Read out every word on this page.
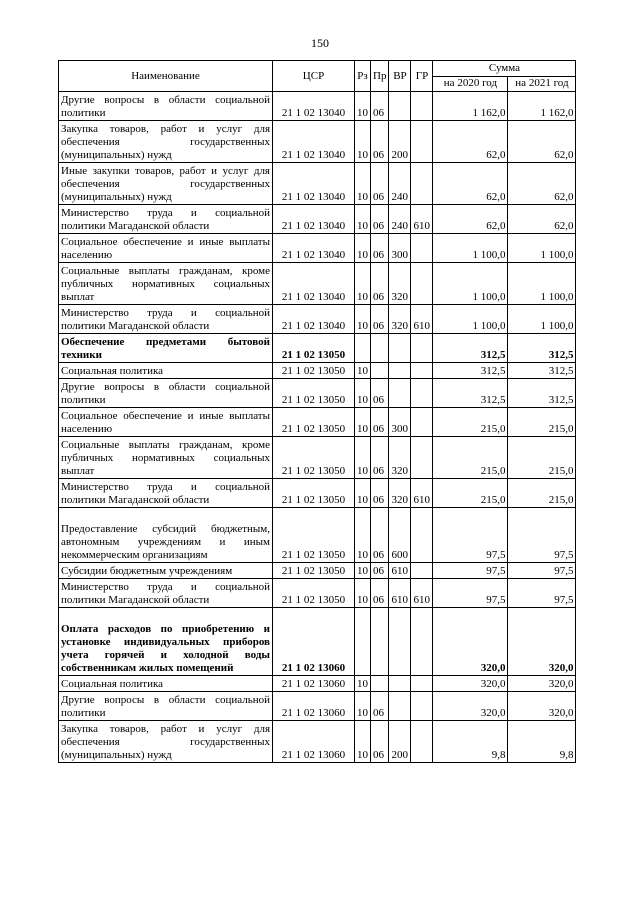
150
Наименование	ЦСР	Рз	Пр	ВР	ГР	Сумма	
						на 2020 год	на 2021 год
Другие вопросы в области социальной политики	21 1 02 13040	10	06			1 162,0	1 162,0
Закупка товаров, работ и услуг для обеспечения государственных (муниципальных) нужд	21 1 02 13040	10	06	200		62,0	62,0
Иные закупки товаров, работ и услуг для обеспечения государственных (муниципальных) нужд	21 1 02 13040	10	06	240		62,0	62,0
Министерство труда и социальной политики Магаданской области	21 1 02 13040	10	06	240	610	62,0	62,0
Социальное обеспечение и иные выплаты населению	21 1 02 13040	10	06	300		1 100,0	1 100,0
Социальные выплаты гражданам, кроме публичных нормативных социальных выплат	21 1 02 13040	10	06	320		1 100,0	1 100,0
Министерство труда и социальной политики Магаданской области	21 1 02 13040	10	06	320	610	1 100,0	1 100,0
Обеспечение предметами бытовой техники	21 1 02 13050					312,5	312,5
Социальная политика	21 1 02 13050	10				312,5	312,5
Другие вопросы в области социальной политики	21 1 02 13050	10	06			312,5	312,5
Социальное обеспечение и иные выплаты населению	21 1 02 13050	10	06	300		215,0	215,0
Социальные выплаты гражданам, кроме публичных нормативных социальных выплат	21 1 02 13050	10	06	320		215,0	215,0
Министерство труда и социальной политики Магаданской области	21 1 02 13050	10	06	320	610	215,0	215,0
Предоставление субсидий бюджетным, автономным учреждениям и иным некоммерческим организациям	21 1 02 13050	10	06	600		97,5	97,5
Субсидии бюджетным учреждениям	21 1 02 13050	10	06	610		97,5	97,5
Министерство труда и социальной политики Магаданской области	21 1 02 13050	10	06	610	610	97,5	97,5
Оплата расходов по приобретению и установке индивидуальных приборов учета горячей и холодной воды собственникам жилых помещений	21 1 02 13060					320,0	320,0
Социальная политика	21 1 02 13060	10				320,0	320,0
Другие вопросы в области социальной политики	21 1 02 13060	10	06			320,0	320,0
Закупка товаров, работ и услуг для обеспечения государственных (муниципальных) нужд	21 1 02 13060	10	06	200		9,8	9,8
